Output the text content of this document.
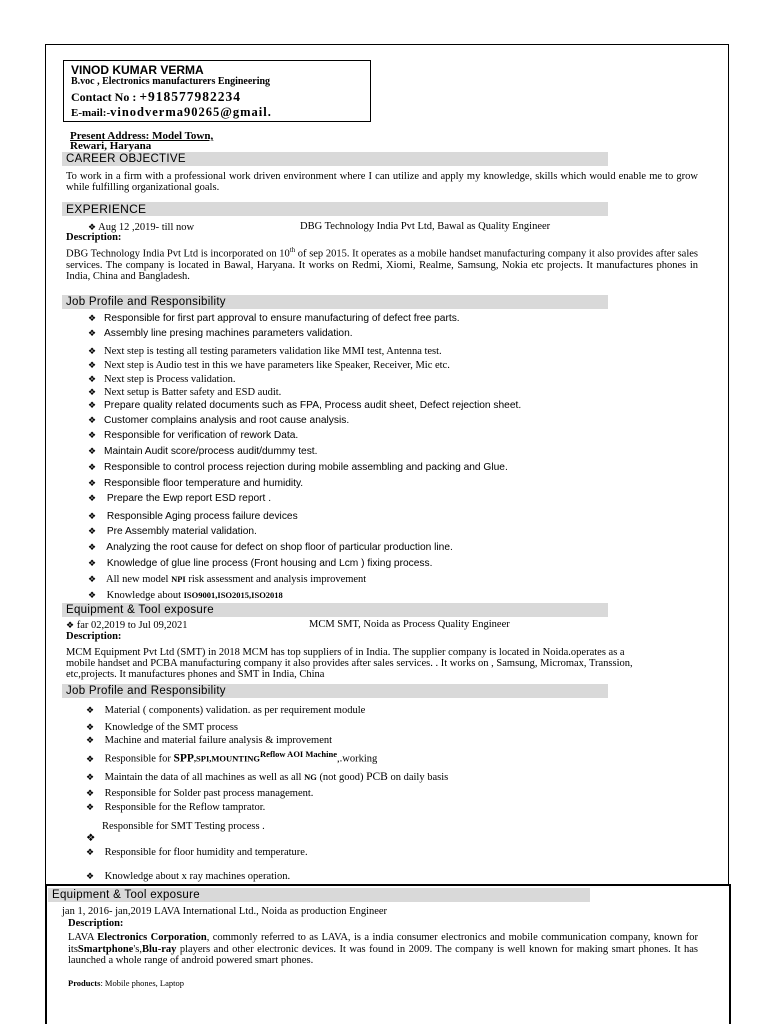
VINOD KUMAR VERMA
B.voc , Electronics manufacturers Engineering
Contact No : +918577982234
E-mail:-vinodverma90265@gmail.
Present Address: Model Town,
Rewari, Haryana
CAREER OBJECTIVE
To work in a firm with a professional work driven environment where I can utilize and apply my knowledge, skills which would enable me to grow while fulfilling organizational goals.
EXPERIENCE
❖ Aug 12 ,2019- till now	DBG Technology India Pvt Ltd, Bawal as Quality Engineer
Description:
DBG Technology India Pvt Ltd is incorporated on 10th of sep 2015. It operates as a mobile handset manufacturing company it also provides after sales services. The company is located in Bawal, Haryana. It works on Redmi, Xiomi, Realme, Samsung, Nokia etc projects. It manufactures phones in India, China and Bangladesh.
Job Profile and Responsibility
❖ Responsible for first part approval to ensure manufacturing of defect free parts.
❖ Assembly line presing machines parameters validation.
❖ Next step is testing all testing parameters validation like MMI test, Antenna test.
❖ Next step is Audio test in this we have parameters like Speaker, Receiver, Mic etc.
❖ Next step is Process validation.
❖ Next setup is Batter safety and ESD audit.
❖ Prepare quality related documents such as FPA, Process audit sheet, Defect rejection sheet.
❖ Customer complains analysis and root cause analysis.
❖ Responsible for verification of rework Data.
❖ Maintain Audit score/process audit/dummy test.
❖ Responsible to control process rejection during mobile assembling and packing and Glue.
❖ Responsible floor temperature and humidity.
❖ Prepare the Ewp report ESD report .
❖ Responsible Aging process failure devices
❖ Pre Assembly material validation.
❖ Analyzing the root cause for defect on shop floor of particular production line.
❖ Knowledge of glue line process (Front housing and Lcm ) fixing process.
❖ All new model NPI risk assessment and analysis improvement
❖ Knowledge about ISO9001,ISO2015,ISO2018
Equipment & Tool exposure
❖ far 02,2019 to Jul 09,2021	MCM SMT, Noida as Process Quality Engineer
Description:
MCM Equipment Pvt Ltd (SMT) in 2018 MCM has top suppliers of in India. The supplier company is located in Noida.operates as a mobile handset and PCBA manufacturing company it also provides after sales services. . It works on , Samsung, Micromax, Transsion, etc,projects. It manufactures phones and SMT in India, China
Job Profile and Responsibility
❖ Material ( components) validation. as per requirement module
❖ Knowledge of the SMT process
❖ Machine and material failure analysis & improvement
❖ Responsible for $SPP,SPI,MOUNTING^{Reflow AOI Machine},.working$
❖ Maintain the data of all machines as well as all NG (not good) PCB on daily basis
❖ Responsible for Solder past process management.
❖ Responsible for the Reflow tamprator.
Responsible for SMT Testing process .
❖
❖ Responsible for floor humidity and temperature.
❖ Knowledge about x ray machines operation.
Equipment & Tool exposure
jan 1, 2016- jan,2019 LAVA International Ltd., Noida as production Engineer
Description:
LAVA Electronics Corporation, commonly referred to as LAVA, is a india consumer electronics and mobile communication company, known for itsSmartphone's,Blu-ray players and other electronic devices. It was found in 2009. The company is well known for making smart phones. It has launched a whole range of android powered smart phones.
Products: Mobile phones, Laptop
